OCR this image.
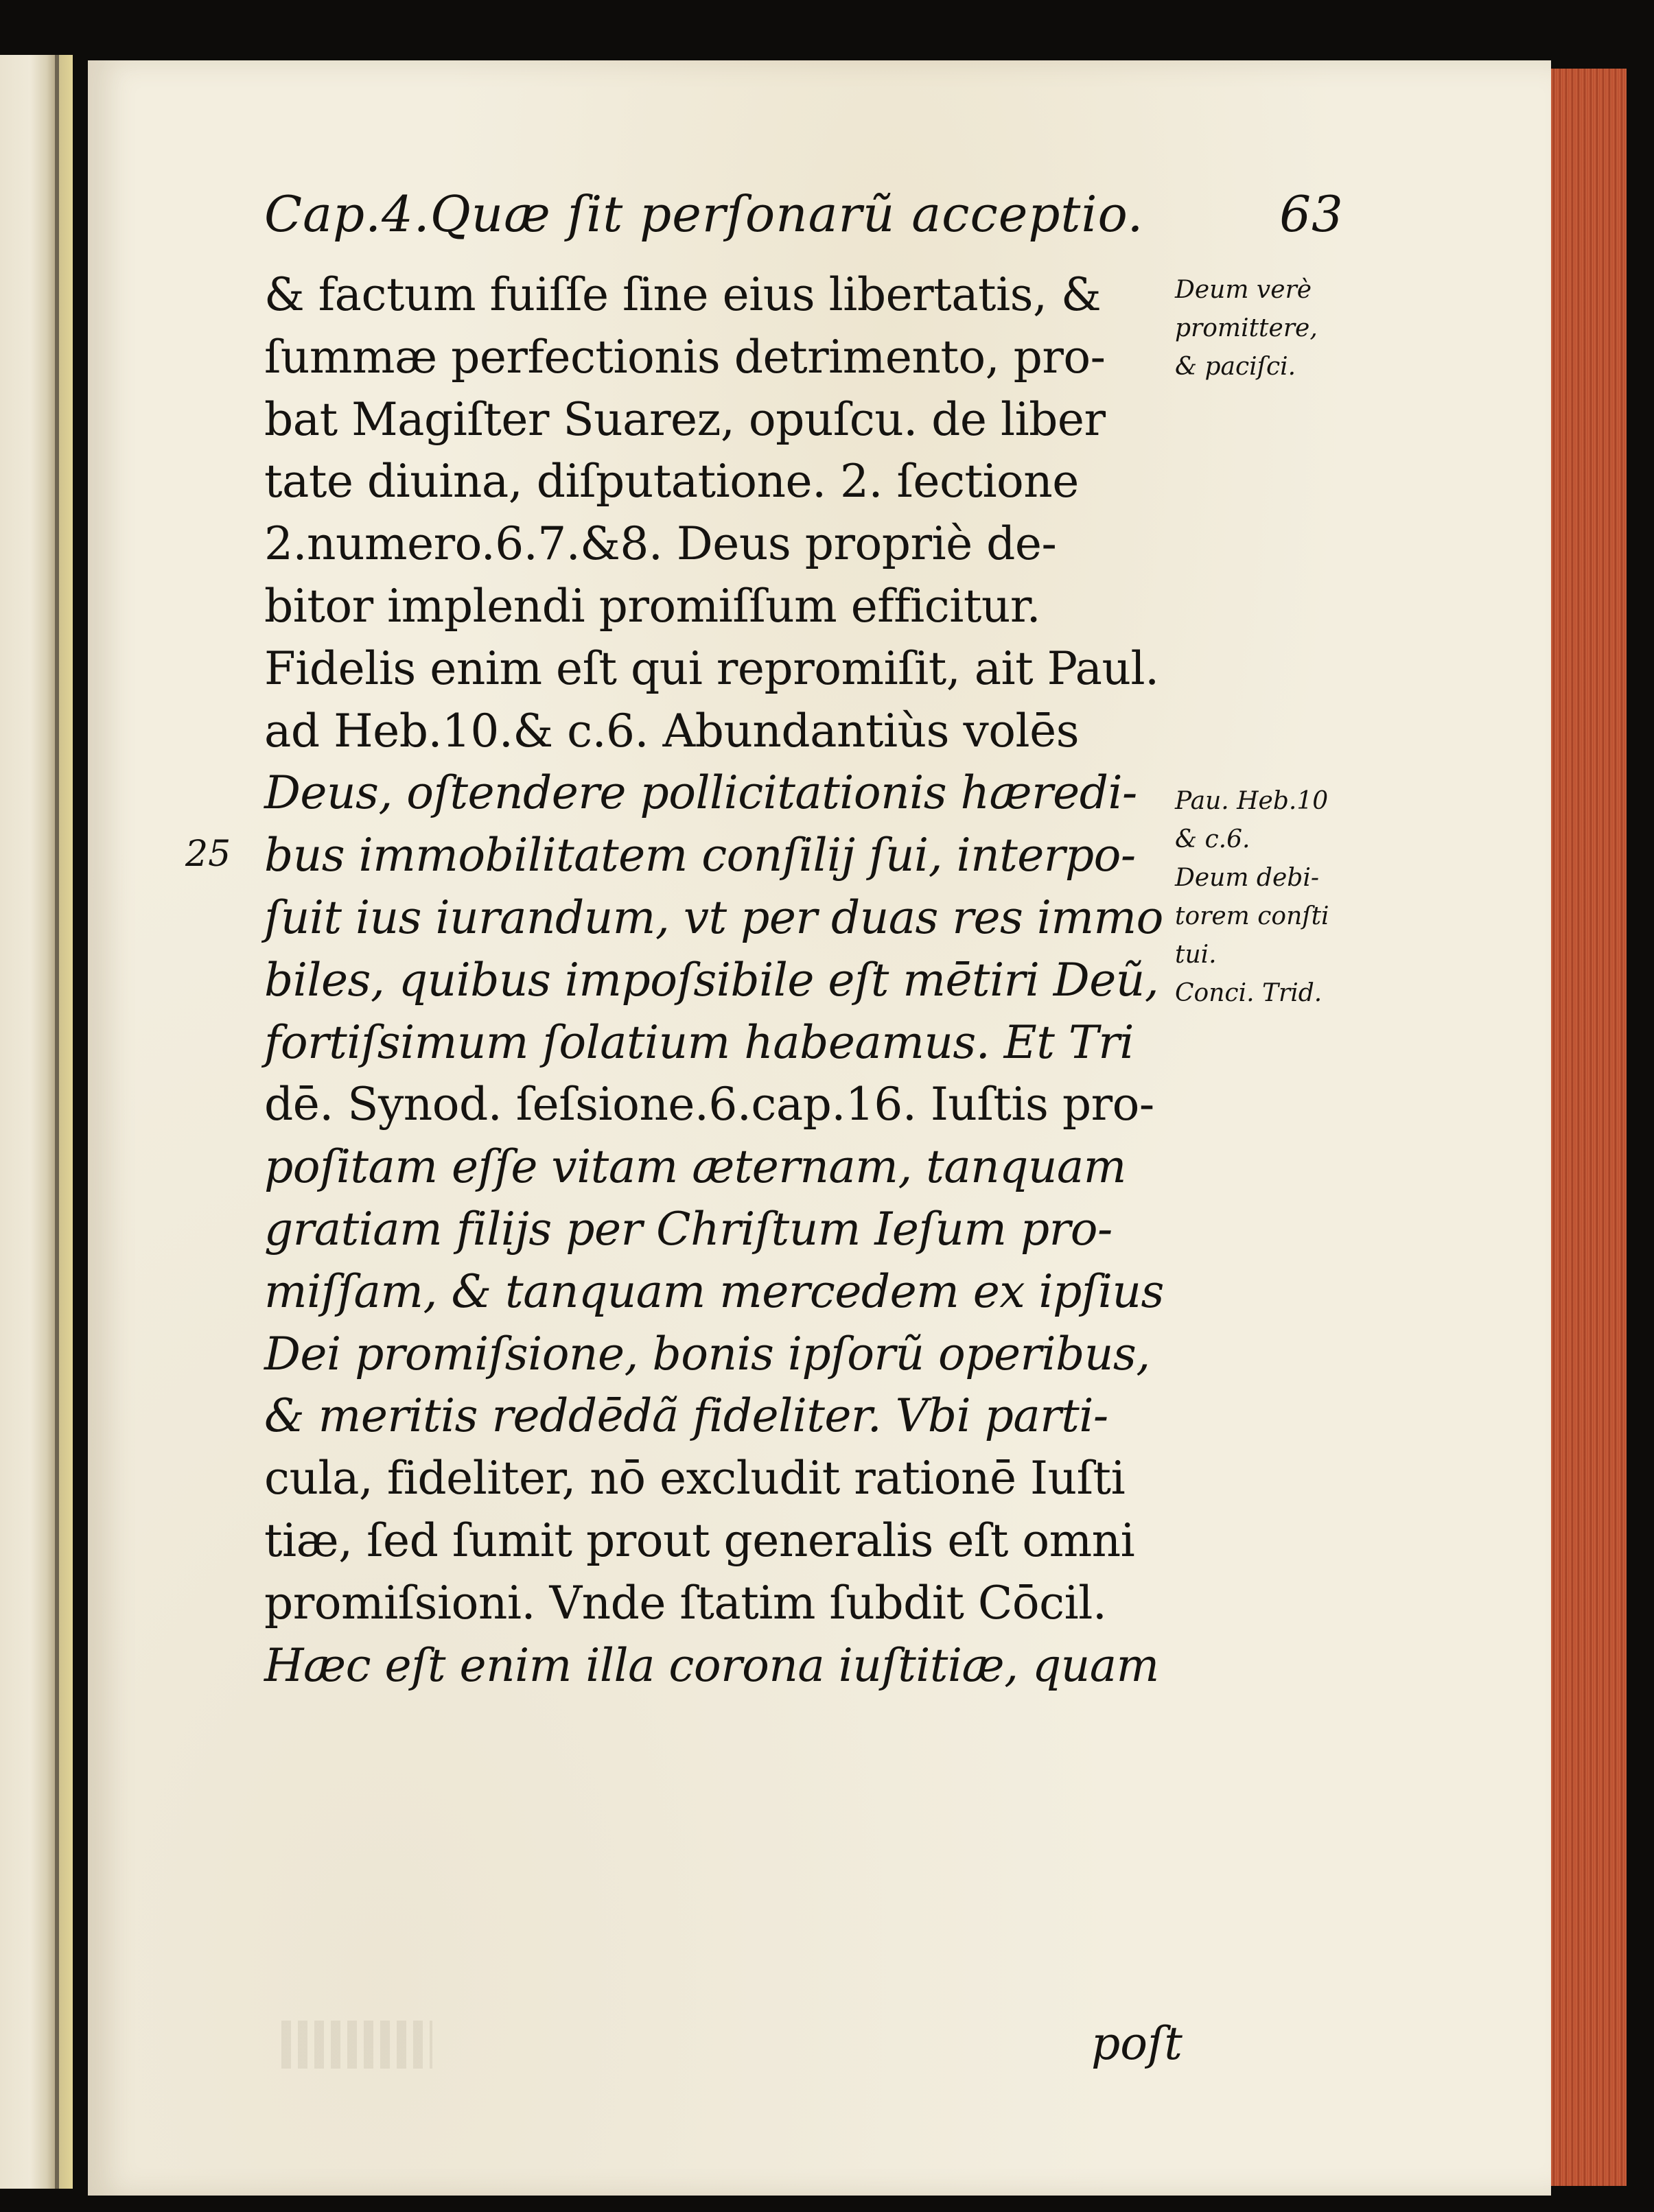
Cap.4.Quæ ſit perſonarũ acceptio.	63

& factum fuiſſe ſine eius libertatis, &
ſummæ perfectionis detrimento, pro-
bat Magiſter Suarez, opuſcu. de liber
tate diuina, diſputatione. 2. ſectione
2.numero.6.7.&8. Deus propriè de-
bitor implendi promiſſum efficitur.
Fidelis enim eſt qui repromiſit, ait Paul.
ad Heb.10.& c.6. Abundantiùs volēs
Deus, oſtendere pollicitationis hæredi-
bus immobilitatem conſilij ſui, interpo-
ſuit ius iurandum, vt per duas res immo
biles, quibus impoſsibile eſt mētiri Deũ,
fortiſsimum ſolatium habeamus. Et Tri
dē. Synod. ſeſsione.6.cap.16. Iuſtis pro-
poſitam eſſe vitam æternam, tanquam
gratiam filijs per Chriſtum Ieſum pro-
miſſam, & tanquam mercedem ex ipſius
Dei promiſsione, bonis ipſorũ operibus,
& meritis reddēdã fideliter. Vbi parti-
cula, fideliter, nō excludit rationē Iuſti
tiæ, ſed ſumit prout generalis eſt omni
promiſsioni. Vnde ſtatim ſubdit Cōcil.
Hæc eſt enim illa corona iuſtitiæ, quam

25

Deum verè
promittere,
& paciſci.
Pau. Heb.10
& c.6.
Deum debi-
torem conſti
tui.
Conci. Trid.

poſt
